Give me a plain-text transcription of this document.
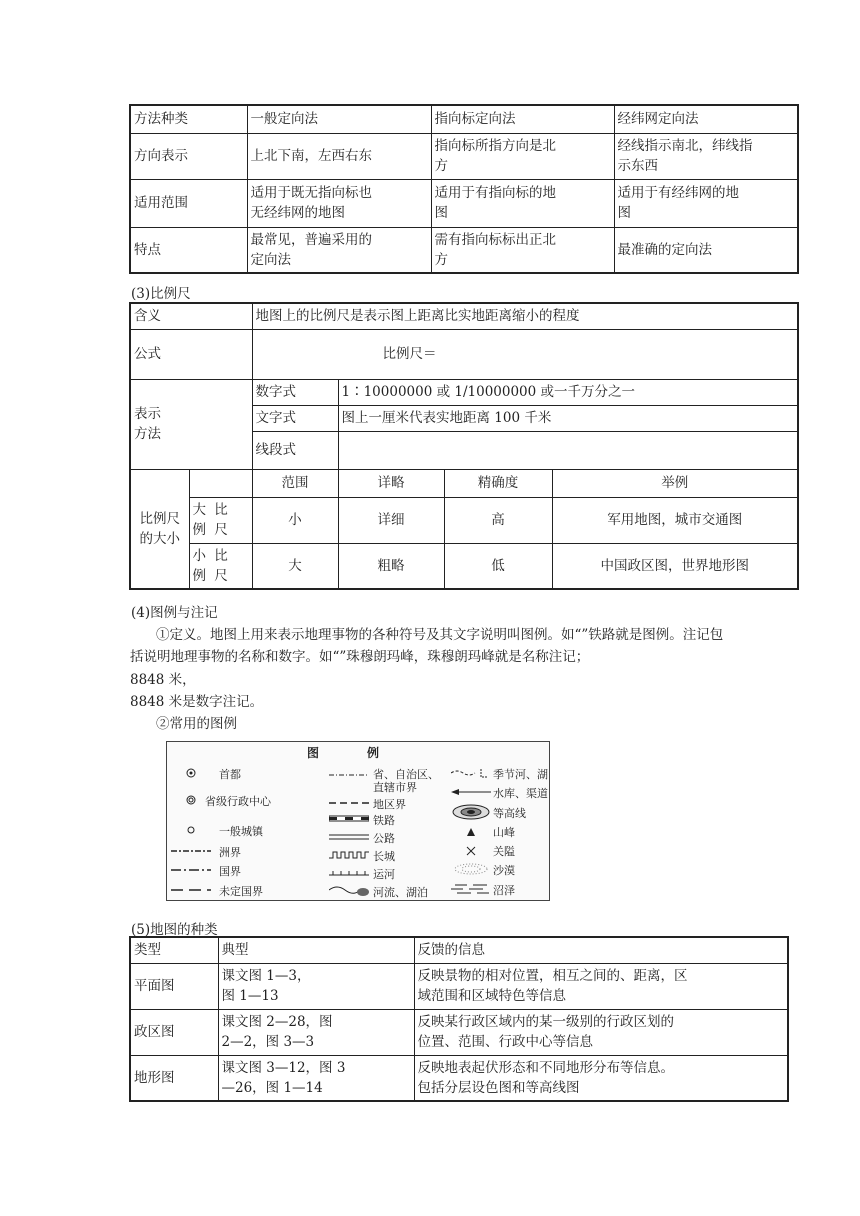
方法种类	一般定向法	指向标定向法	经纬网定向法
方向表示	上北下南，左西右东	指向标所指方向是北方	经线指示南北，纬线指示东西
适用范围	适用于既无指向标也无经纬网的地图	适用于有指向标的地图	适用于有经纬网的地图
特点	最常见，普遍采用的定向法	需有指向标标出正北方	最准确的定向法
(3)比例尺
含义		地图上的比例尺是表示图上距离比实地距离缩小的程度			
公式		比例尺＝			
表示方法		数字式	1∶10000000 或 1/10000000 或一千万分之一		
		文字式	图上一厘米代表实地距离 100 千米		
		线段式			
比例尺的大小		范围	详略	精确度	举例
	大 比 例 尺	小	详细	高	军用地图，城市交通图
	小 比 例 尺	大	粗略	低	中国政区图，世界地形图
(4)图例与注记
①定义。地图上用来表示地理事物的各种符号及其文字说明叫图例。如“”铁路就是图例。注记包括说明地理事物的名称和数字。如“”珠穆朗玛峰，珠穆朗玛峰就是名称注记；
8848 米，
8848 米是数字注记。
②常用的图例
图	例
首都
省级行政中心
一般城镇
洲界
国界
未定国界
省、自治区、
直辖市界
地区界
铁路
公路
长城
运河
河流、湖泊
季节河、湖
水库、渠道
等高线
山峰
关隘
沙漠
沼泽
(5)地图的种类
类型	典型	反馈的信息
平面图	课文图 1—3，图 1—13	反映景物的相对位置，相互之间的、距离，区域范围和区域特色等信息
政区图	课文图 2—28，图 2—2，图 3—3	反映某行政区域内的某一级别的行政区划的位置、范围、行政中心等信息
地形图	课文图 3—12，图 3—26，图 1—14	反映地表起伏形态和不同地形分布等信息。包括分层设色图和等高线图
